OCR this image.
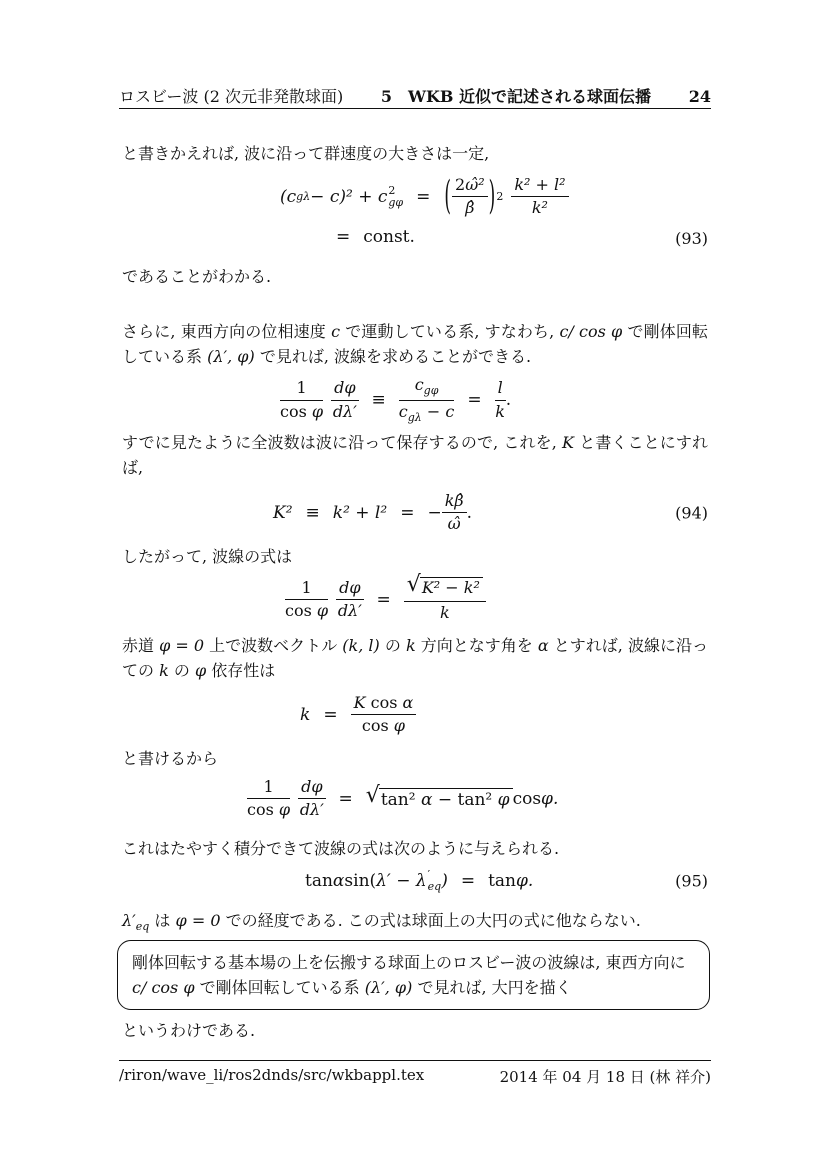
ロスビー波 (2 次元非発散球面) 5 WKB 近似で記述される球面伝播 24
と書きかえれば, 波に沿って群速度の大きさは一定,
(c gλ − c)² + c 2
gφ = ( $\frac{\text{2ω̂²}}{\betâ}$ ) $2 \frac{\text{k² + l²}}{\text{k²}}$
= const.	(93)
であることがわかる.
さらに, 東西方向の位相速度 c で運動している系, すなわち, c/ cos φ で剛体回転している系 (λ′, φ) で見れば, 波線を求めることができる.
$\frac{1}{\text{cos φ}} \frac{d\varphi}{d\lambda'} \equiv \frac{c_{g\varphi}}{c_{g\lambda} - c} = \frac{l}{k}$ .
すでに見たように全波数は波に沿って保存するので, これを, K と書くことにすれば,
K² ≡ k² + l² = − $\frac{k\betâ}{\omegâ}$ .	(94)
したがって, 波線の式は
$\frac{1}{\text{cos φ}} \frac{d\varphi}{d\lambda'} = \frac{\text{√ K² − k²}}{k}$
赤道 φ = 0 上で波数ベクトル (k, l) の k 方向となす角を α とすれば, 波線に沿っての k の φ 依存性は
$k = \frac{\text{K cos α}}{\text{cos φ}}$
と書けるから
$\frac{1}{\text{cos φ}} \frac{d\varphi}{d\lambda'}$ = √ tan² α − tan² φ cos φ.
これはたやすく積分できて波線の式は次のように与えられる.
tan α sin( λ′ − λ ′
eq ) = tan φ.	(95)
$\lambda'_{eq}$ は φ = 0 での経度である. この式は球面上の大円の式に他ならない.
剛体回転する基本場の上を伝搬する球面上のロスビー波の波線は, 東西方向に c/ cos φ で剛体回転している系 (λ′, φ) で見れば, 大円を描く
というわけである.
/riron/wave_li/ros2dnds/src/wkbappl.tex	2014 年 04 月 18 日 (林 祥介)
